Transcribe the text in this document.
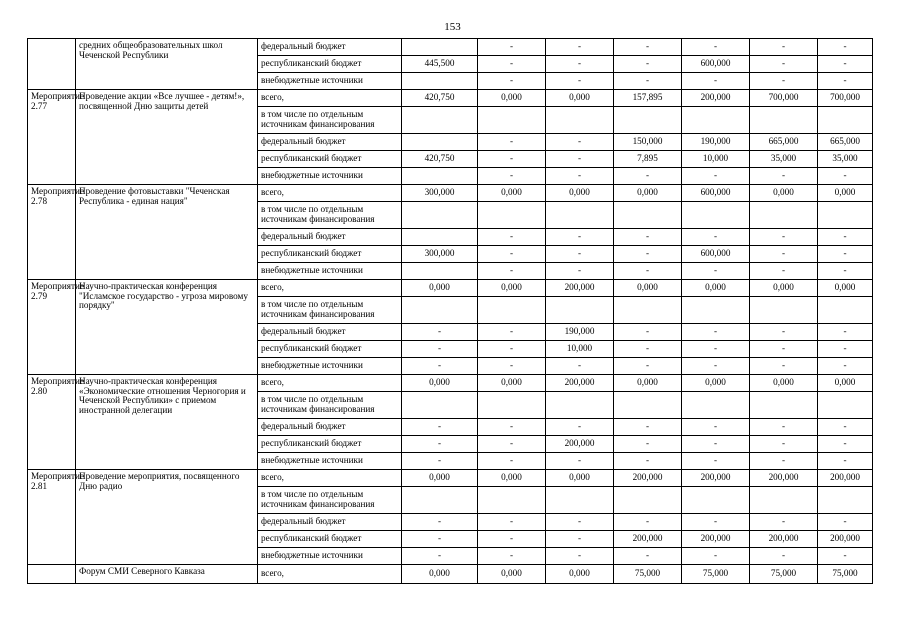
153
	средних общеобразовательных школ Чеченской Республики	федеральный бюджет		-	-	-	-	-	-
		республиканский бюджет	445,500	-	-	-	600,000	-	-
		внебюджетные источники		-	-	-	-	-	-
Мероприятие 2.77	Проведение акции «Все лучшее - детям!», посвященной Дню защиты детей	всего,	420,750	0,000	0,000	157,895	200,000	700,000	700,000
		в том числе по отдельным источникам финансирования							
		федеральный бюджет		-	-	150,000	190,000	665,000	665,000
		республиканский бюджет	420,750	-	-	7,895	10,000	35,000	35,000
		внебюджетные источники		-	-	-	-	-	-
Мероприятие 2.78	Проведение фотовыставки "Чеченская Республика - единая нация"	всего,	300,000	0,000	0,000	0,000	600,000	0,000	0,000
		в том числе по отдельным источникам финансирования							
		федеральный бюджет		-	-	-	-	-	-
		республиканский бюджет	300,000	-	-	-	600,000	-	-
		внебюджетные источники		-	-	-	-	-	-
Мероприятие 2.79	Научно-практическая конференция "Исламское государство - угроза мировому порядку"	всего,	0,000	0,000	200,000	0,000	0,000	0,000	0,000
		в том числе по отдельным источникам финансирования							
		федеральный бюджет	-	-	190,000	-	-	-	-
		республиканский бюджет	-	-	10,000	-	-	-	-
		внебюджетные источники	-	-	-	-	-	-	-
Мероприятие 2.80	Научно-практическая конференция «Экономические отношения Черногория и Чеченской Республики» с приемом иностранной делегации	всего,	0,000	0,000	200,000	0,000	0,000	0,000	0,000
		в том числе по отдельным источникам финансирования							
		федеральный бюджет	-	-	-	-	-	-	-
		республиканский бюджет	-	-	200,000	-	-	-	-
		внебюджетные источники	-	-	-	-	-	-	-
Мероприятие 2.81	Проведение мероприятия, посвященного Дню радио	всего,	0,000	0,000	0,000	200,000	200,000	200,000	200,000
		в том числе по отдельным источникам финансирования							
		федеральный бюджет	-	-	-	-	-	-	-
		республиканский бюджет	-	-	-	200,000	200,000	200,000	200,000
		внебюджетные источники	-	-	-	-	-	-	-
	Форум СМИ Северного Кавказа	всего,	0,000	0,000	0,000	75,000	75,000	75,000	75,000
